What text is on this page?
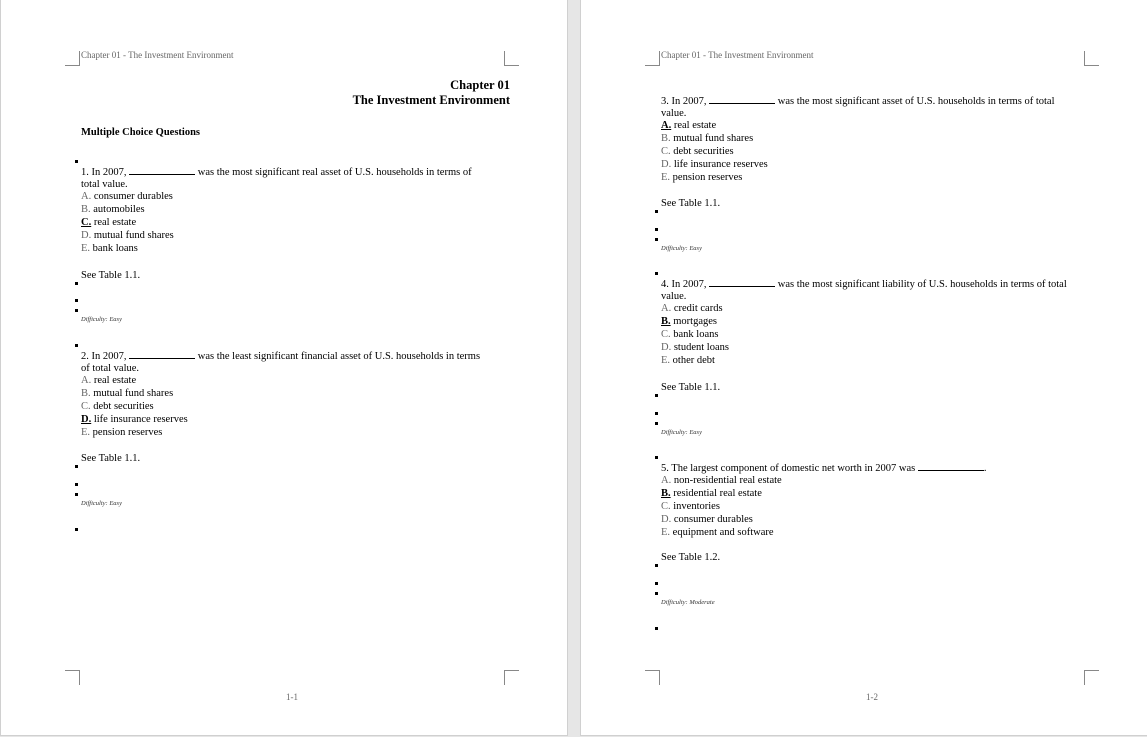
Chapter 01 - The Investment Environment
Chapter 01
The Investment Environment
Multiple Choice Questions
1. In 2007,	was the most significant real asset of U.S. households in terms of
total value.
A. consumer durables
B. automobiles
C. real estate
D. mutual fund shares
E. bank loans
See Table 1.1.
Difficulty: Easy
2. In 2007,	was the least significant financial asset of U.S. households in terms
of total value.
A. real estate
B. mutual fund shares
C. debt securities
D. life insurance reserves
E. pension reserves
See Table 1.1.
Difficulty: Easy
1-1
Chapter 01 - The Investment Environment
3. In 2007,	was the most significant asset of U.S. households in terms of total
value.
A. real estate
B. mutual fund shares
C. debt securities
D. life insurance reserves
E. pension reserves
See Table 1.1.
Difficulty: Easy
4. In 2007,	was the most significant liability of U.S. households in terms of total
value.
A. credit cards
B. mortgages
C. bank loans
D. student loans
E. other debt
See Table 1.1.
Difficulty: Easy
5. The largest component of domestic net worth in 2007 was	.
A. non-residential real estate
B. residential real estate
C. inventories
D. consumer durables
E. equipment and software
See Table 1.2.
Difficulty: Moderate
1-2
